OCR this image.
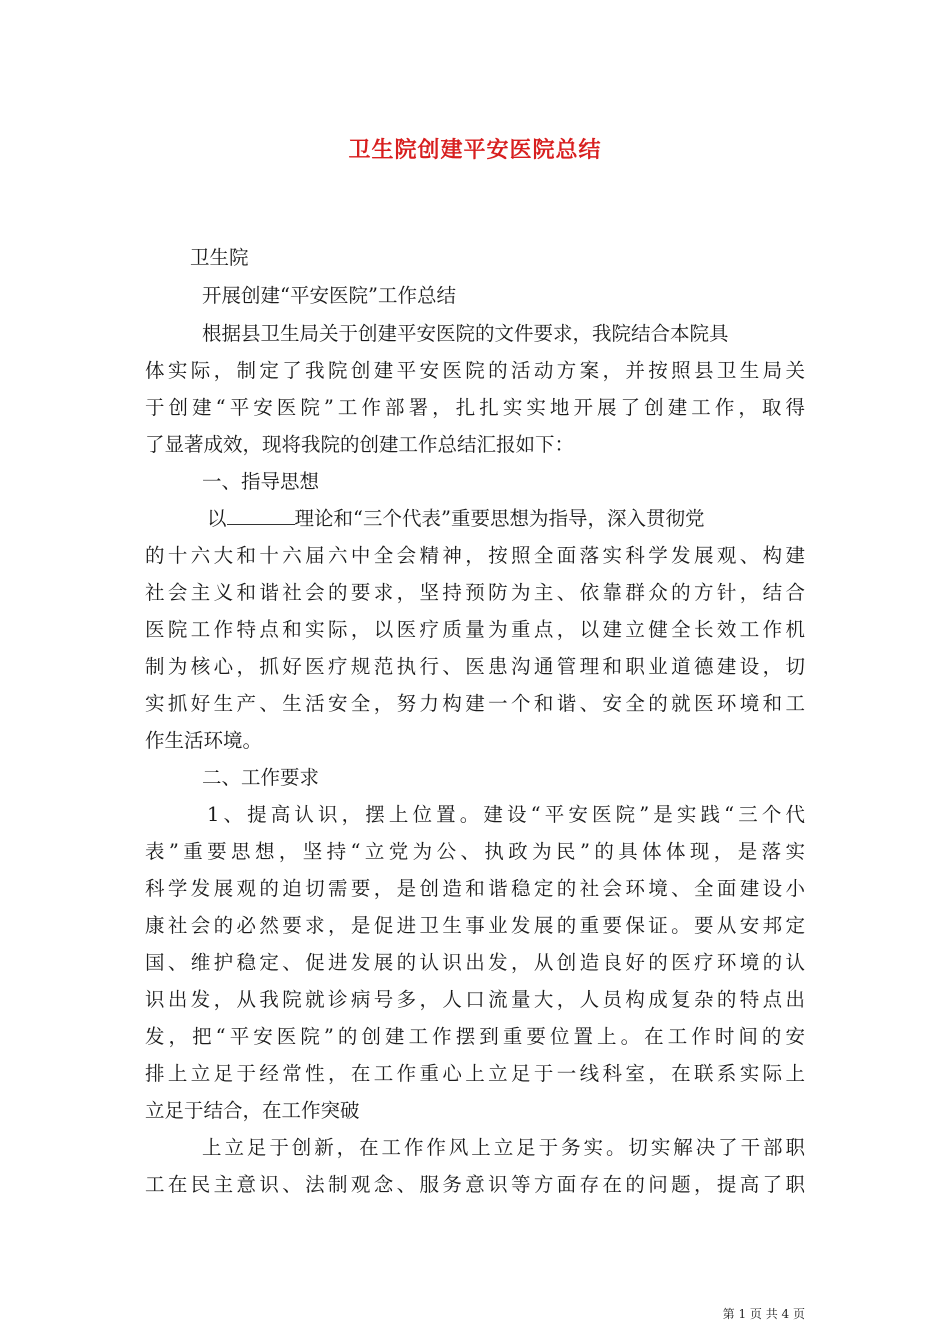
卫生院创建平安医院总结
卫生院
开展创建“平安医院”工作总结
根据县卫生局关于创建平安医院的文件要求，我院结合本院具
体实际，制定了我院创建平安医院的活动方案，并按照县卫生局关
于创建“平安医院”工作部署，扎扎实实地开展了创建工作，取得
了显著成效，现将我院的创建工作总结汇报如下：
一、指导思想
以	理论和“三个代表”重要思想为指导，深入贯彻党
的十六大和十六届六中全会精神，按照全面落实科学发展观、构建
社会主义和谐社会的要求，坚持预防为主、依靠群众的方针，结合
医院工作特点和实际，以医疗质量为重点，以建立健全长效工作机
制为核心，抓好医疗规范执行、医患沟通管理和职业道德建设，切
实抓好生产、生活安全，努力构建一个和谐、安全的就医环境和工
作生活环境。
二、工作要求
1、提高认识，摆上位置。建设“平安医院”是实践“三个代
表”重要思想，坚持“立党为公、执政为民”的具体体现，是落实
科学发展观的迫切需要，是创造和谐稳定的社会环境、全面建设小
康社会的必然要求，是促进卫生事业发展的重要保证。要从安邦定
国、维护稳定、促进发展的认识出发，从创造良好的医疗环境的认
识出发，从我院就诊病号多，人口流量大，人员构成复杂的特点出
发，把“平安医院”的创建工作摆到重要位置上。在工作时间的安
排上立足于经常性，在工作重心上立足于一线科室，在联系实际上
立足于结合，在工作突破
上立足于创新，在工作作风上立足于务实。切实解决了干部职
工在民主意识、法制观念、服务意识等方面存在的问题，提高了职
第 1 页 共 4 页
